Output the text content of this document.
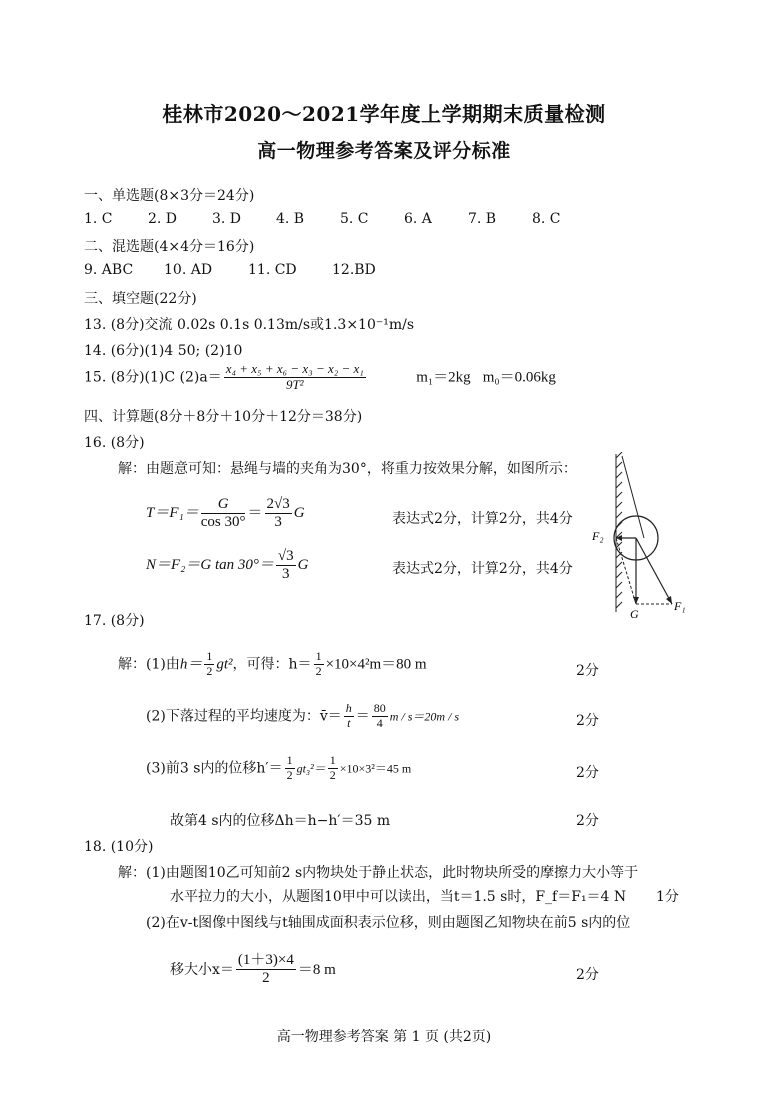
桂林市2020～2021学年度上学期期末质量检测
高一物理参考答案及评分标准
一、单选题(8×3分＝24分)
1. C	2. D 3. D 4. B	5. C	6. A	7. B	8. C
二、混选题(4×4分＝16分)
9. ABC 10. AD	11. CD	12.BD
三、填空题(22分)
13. (8分)交流 0.02s 0.1s 0.13m/s或1.3×10⁻¹m/s
14. (6分)(1)4 50; (2)10
15. (8分)(1)C $(2)a= \frac{\text{x₄ + x₅ + x₆ − x₃ − x₂ − x₁}}{\text{9T²}}$	m₁＝2kg m₀＝0.06kg
四、计算题(8分＋8分＋10分＋12分＝38分)
16. (8分)
解：由题意可知：悬绳与墙的夹角为30°，将重力按效果分解，如图所示：
$T=F_1= \frac{G}{\cos 30^\circ} = \frac{2√3}{3}$ G	表达式2分，计算2分，共4分
N＝F₂＝G $\tan 30^\circ= \frac{√3}{3}$ G	表达式2分，计算2分，共4分
F₂
F₁
G
17. (8分)
解：(1)由$h= \frac{1}{2} gt^2$，可得：$h= \frac{1}{2} \times 10\times 4^2m=80$ m	2分
(2)下落过程的平均速度为：v̄＝ $\frac{h}{t} = \frac{80}{4}$ m / s＝20m / s	2分
(3)前3 s内的位移$h'= \frac{1}{2} gt_3^2= \frac{1}{2} \times 10\times 3^2=45$ m	2分
故第4 s内的位移Δh＝h−h′＝35 m	2分
18. (10分)
解：(1)由题图10乙可知前2 s内物块处于静止状态，此时物块所受的摩擦力大小等于
水平拉力的大小，从题图10甲中可以读出，当t＝1.5 s时，F_f＝F₁＝4 N 1分
(2)在v-t图像中图线与t轴围成面积表示位移，则由题图乙知物块在前5 s内的位
移大小$x= \frac{(1+3)\times 4}{2} =8$ m	2分
高一物理参考答案 第 1 页 (共2页)
